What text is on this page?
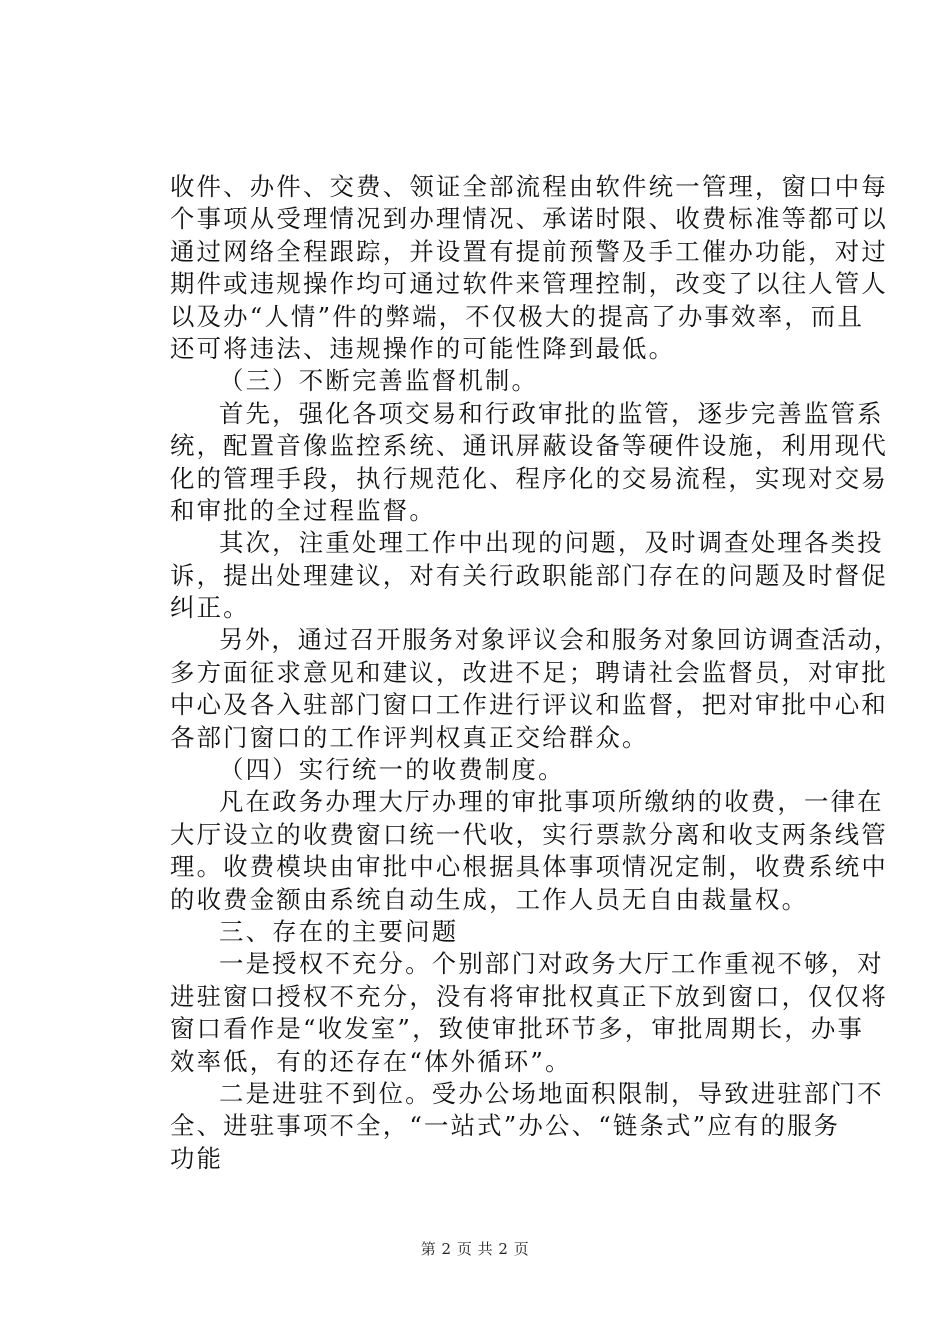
收件、办件、交费、领证全部流程由软件统一管理，窗口中每
个事项从受理情况到办理情况、承诺时限、收费标准等都可以
通过网络全程跟踪，并设置有提前预警及手工催办功能，对过
期件或违规操作均可通过软件来管理控制，改变了以往人管人
以及办“人情”件的弊端，不仅极大的提高了办事效率，而且
还可将违法、违规操作的可能性降到最低。
（三）不断完善监督机制。
首先，强化各项交易和行政审批的监管，逐步完善监管系
统，配置音像监控系统、通讯屏蔽设备等硬件设施，利用现代
化的管理手段，执行规范化、程序化的交易流程，实现对交易
和审批的全过程监督。
其次，注重处理工作中出现的问题，及时调查处理各类投
诉，提出处理建议，对有关行政职能部门存在的问题及时督促
纠正。
另外，通过召开服务对象评议会和服务对象回访调查活动，
多方面征求意见和建议，改进不足；聘请社会监督员，对审批
中心及各入驻部门窗口工作进行评议和监督，把对审批中心和
各部门窗口的工作评判权真正交给群众。
（四）实行统一的收费制度。
凡在政务办理大厅办理的审批事项所缴纳的收费，一律在
大厅设立的收费窗口统一代收，实行票款分离和收支两条线管
理。收费模块由审批中心根据具体事项情况定制，收费系统中
的收费金额由系统自动生成，工作人员无自由裁量权。
三、存在的主要问题
一是授权不充分。个别部门对政务大厅工作重视不够，对
进驻窗口授权不充分，没有将审批权真正下放到窗口，仅仅将
窗口看作是“收发室”，致使审批环节多，审批周期长，办事
效率低，有的还存在“体外循环”。
二是进驻不到位。受办公场地面积限制，导致进驻部门不
全、进驻事项不全，“一站式”办公、“链条式”应有的服务
功能
第 2 页 共 2 页
